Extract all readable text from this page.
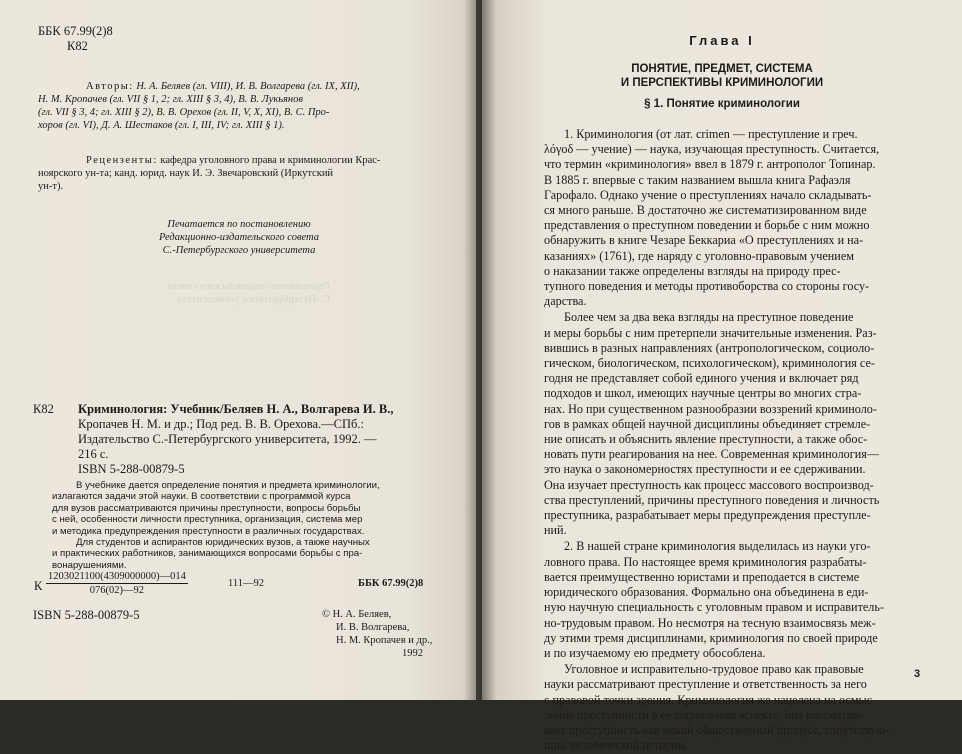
ББК 67.99(2)8
К82

Авторы: Н. А. Беляев (гл. VIII), И. В. Волгарева (гл. IX, XII),

Н. М. Кропачев (гл. VII § 1, 2; гл. XIII § 3, 4), В. В. Лукьянов

(гл. VII § 3, 4; гл. XIII § 2), В. В. Орехов (гл. II, V, X, XI), В. С. Про-

хоров (гл. VI), Д. А. Шестаков (гл. I, III, IV; гл. XIII § 1).

Рецензенты: кафедра уголовного права и криминологии Крас-

ноярского ун-та; канд. юрид. наук И. Э. Звечаровский (Иркутский

ун-т).

Печатается по постановлению

Редакционно-издательского совета

С.-Петербургского университета

Редакционно-издательского совета

С.-Петербургского университета

К82 Криминология: Учебник/Беляев Н. А., Волгарева И. В.,

Кропачев Н. М. и др.; Под ред. В. В. Орехова.—СПб.:

Издательство С.-Петербургского университета, 1992. —

216 с.

ISBN 5-288-00879-5

В учебнике дается определение понятия и предмета криминологии,

излагаются задачи этой науки. В соответствии с программой курса

для вузов рассматриваются причины преступности, вопросы борьбы

с ней, особенности личности преступника, организация, система мер

и методика предупреждения преступности в различных государствах.

Для студентов и аспирантов юридических вузов, а также научных

и практических работников, занимающихся вопросами борьбы с пра-

вонарушениями.

К $\frac{1203021100(4309000000)—014}{076(02)—92}$	111—92	ББК 67.99(2)8
ISBN 5-288-00879-5	© Н. А. Беляев,

И. В. Волгарева,

Н. М. Кропачев и др.,

1992

Глава I
ПОНЯТИЕ, ПРЕДМЕТ, СИСТЕМА
И ПЕРСПЕКТИВЫ КРИМИНОЛОГИИ
§ 1. Понятие криминологии

1. Криминология (от лат. crimen — преступление и греч.

λόγοδ — учение) — наука, изучающая преступность. Считается,

что термин «криминология» ввел в 1879 г. антрополог Топинар.

В 1885 г. впервые с таким названием вышла книга Рафаэля

Гарофало. Однако учение о преступлениях начало складывать-

ся много раньше. В достаточно же систематизированном виде

представления о преступном поведении и борьбе с ним можно

обнаружить в книге Чезаре Беккариа «О преступлениях и на-

казаниях» (1761), где наряду с уголовно-правовым учением

о наказании также определены взгляды на природу прес-

тупного поведения и методы противоборства со стороны госу-

дарства.

Более чем за два века взгляды на преступное поведение

и меры борьбы с ним претерпели значительные изменения. Раз-

вившись в разных направлениях (антропологическом, социоло-

гическом, биологическом, психологическом), криминология се-

годня не представляет собой единого учения и включает ряд

подходов и школ, имеющих научные центры во многих стра-

нах. Но при существенном разнообразии воззрений криминоло-

гов в рамках общей научной дисциплины объединяет стремле-

ние описать и объяснить явление преступности, а также обос-

новать пути реагирования на нее. Современная криминология—

это наука о закономерностях преступности и ее сдерживании.

Она изучает преступность как процесс массового воспроизвод-

ства преступлений, причины преступного поведения и личность

преступника, разрабатывает меры предупреждения преступле-

ний.

2. В нашей стране криминология выделилась из науки уго-

ловного права. По настоящее время криминология разрабаты-

вается преимущественно юристами и преподается в системе

юридического образования. Формально она объединена в еди-

ную научную специальность с уголовным правом и исправитель-

но-трудовым правом. Но несмотря на тесную взаимосвязь меж-

ду этими тремя дисциплинами, криминология по своей природе

и по изучаемому ею предмету обособлена.

Уголовное и исправительно-трудовое право как правовые

науки рассматривают преступление и ответственность за него

с правовой точки зрения. Криминология же нацелена на осмыс-

ление преступности в ее социальном аспекте; она рассматри-

вает преступность как некий общественный процесс, сопутствую-

щий человеческой истории.

3
